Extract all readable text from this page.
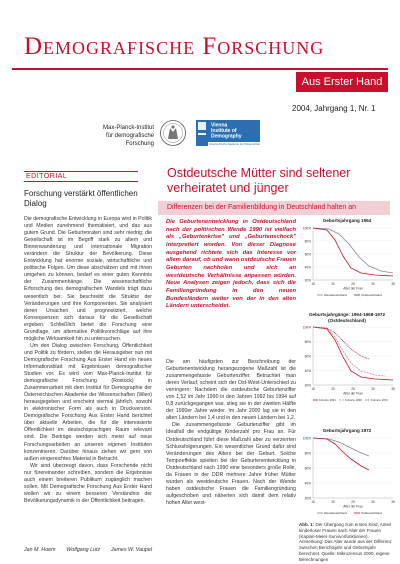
Demografische Forschung
Aus Erster Hand
2004, Jahrgang 1, Nr. 1
Max-Planck-Institut
für demografische Forschung
Vienna
Institute of
Demography
Österreichische Akademie der Wissenschaften
EDITORIAL
Forschung verstärkt öffentlichen Dialog

Die demografische Entwicklung in Europa wird in Politik und Medien zunehmend thematisiert, und das aus gutem Grund. Die Geburtenraten sind sehr niedrig; die Gesellschaft ist im Begriff stark zu altern und Binnenwanderung und internationale Migration verändern die Struktur der Bevölkerung. Diese Entwicklung hat enorme soziale, wirtschaftliche und politische Folgen. Um diese abschätzen und mit ihnen umgehen zu können, bedarf es einer guten Kenntnis der Zusammenhänge. Die wissenschaftliche Erforschung des demografischen Wandels trägt dazu wesentlich bei: Sie beschreibt die Struktur der Veränderungen und ihre Komponenten. Sie analysiert deren Ursachen und prognostiziert, welche Konsequenzen sich daraus für die Gesellschaft ergeben. Schließlich bietet die Forschung eine Grundlage, um alternative Politikvorschläge auf ihre mögliche Wirksamkeit hin zu untersuchen.

Um den Dialog zwischen Forschung, Öffentlichkeit und Politik zu fördern, stellen die Herausgeber nun mit Demografische Forschung Aus Erster Hand ein neues Informationsblatt mit Ergebnissen demografischer Studien vor. Es wird vom Max-Planck-Institut für demografische Forschung (Rostock) in Zusammenarbeit mit dem Institut für Demographie der Österreichischen Akademie der Wissenschaften (Wien) herausgegeben und erscheint viermal jährlich, sowohl in elektronischer Form als auch in Druckversion. Demografische Forschung Aus Erster Hand berichtet über aktuelle Arbeiten, die für die interessierte Öffentlichkeit im deutschsprachigen Raum relevant sind. Die Beiträge werden sich meist auf neue Forschungsarbeiten an unseren eigenen Instituten konzentrieren. Darüber hinaus ziehen wir gern von außen eingereichtes Material in Betracht.

Wir sind überzeugt davon, dass Forschende nicht nur fürereinander schreiben, sondern die Ergebnisse auch einem breiteren Publikum zugänglich machen sollen. Mit Demografische Forschung Aus Erster Hand wollen wir zu einem besseren Verständnis der Bevölkerungsdynamik in der Öffentlichkeit beitragen.

Jan M. Hoem Wolfgang Lutz James W. Vaupel
Ostdeutsche Mütter sind seltener verheiratet und jünger
Differenzen bei der Familienbildung in Deutschland halten an
Die Geburtenentwicklung in Ostdeutschland nach der politischen Wende 1990 ist vielfach als „Geburtenkrise" und „Geburtenschock" interpretiert worden. Von dieser Diagnose ausgehend richtete sich das Interesse vor allem darauf, ob und wann ostdeutsche Frauen Geburten nachholen und sich an westdeutsche Verhältnisse anpassen würden. Neue Analysen zeigen jedoch, dass sich die Familiengründung in den neuen Bundesländern weiter von der in den alten Ländern unterscheidet.

Die am häufigsten zur Beschreibung der Geburtenentwicklung herangezogene Maßzahl ist die zusammengefasste Geburtenziffer. Betrachtet man deren Verlauf, scheint sich der Ost-West-Unterschied zu verringern: Nachdem die ostdeutsche Geburtenziffer von 1,52 im Jahr 1990 in den Jahren 1992 bis 1994 auf 0,8 zurückgegangen war, stieg sie in der zweiten Hälfte der 1990er Jahre wieder. Im Jahr 2000 lag sie in den alten Ländern bei 1,4 und in den neuen Ländern bei 1,2.

Die zusammengefasste Geburtenziffer gibt im Idealfall die endgültige Kinderzahl pro Frau an. Für Ostdeutschland führt diese Maßzahl aber zu verzerrten Schlussfolgerungen. Ein wesentlicher Grund dafür sind Veränderungen des Alters bei der Geburt. Solche Tempoeffekte spielten bei der Geburtenentwicklung in Ostdeutschland nach 1990 eine besonders große Rolle, da Frauen in der DDR mehrere Jahre früher Mütter wurden als westdeutsche Frauen. Nach der Wende haben ostdeutsche Frauen die Familiengründung aufgeschoben und näherten sich damit dem relativ hohen Alter west-

Geburtsjahrgang 1964
100%
80%
60%
40%
20%
15	20	25	30	35
Alter der Frau
Westdeutschland	Ostdeutschland
Geburtsjahrgänge: 1964-1968-1972 (Ostdeutschland)
100%
80%
60%
40%
20%
15	20	25	30	35
Alter der Frau
Kohorte 1964	Kohorte 1968	Kohorte 1972
Geburtsjahrgang 1972
100%
80%
60%
40%
20%
15	20	25	30	35
Alter der Frau
Westdeutschland	Ostdeutschland
Abb. 1: Der Übergang zum ersten Kind; Anteil kinderloser Frauen nach Alter der Frauen (Kaplan-Meier-Survivorfunktionen). Anmerkung: Das Alter wurde aus der Differenz zwischen Berichtsjahr und Geburtsjahr berechnet. Quelle: Mikrozensus 2000, eigene Berechnungen
